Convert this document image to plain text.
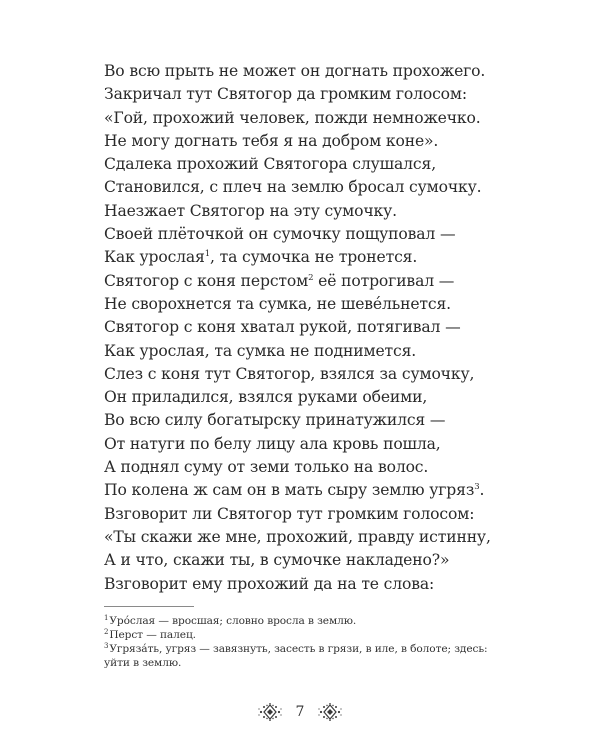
Во всю прыть не может он догнать прохожего.
Закричал тут Святогор да громким голосом:
«Гой, прохожий человек, пожди немножечко.
Не могу догнать тебя я на добром коне».
Сдалека прохожий Святогора слушался,
Становился, с плеч на землю бросал сумочку.
Наезжает Святогор на эту сумочку.
Своей плёточкой он сумочку пощуповал —
Как урослая$^1$, та сумочка не тронется.
Святогор с коня перстом$^2$ её потрогивал —
Не сворохнется та сумка, не шевéльнется.
Святогор с коня хватал рукой, потягивал —
Как урослая, та сумка не поднимется.
Слез с коня тут Святогор, взялся за сумочку,
Он приладился, взялся руками обеими,
Во всю силу богатырску принатужился —
От натуги по белу лицу ала кровь пошла,
А поднял суму от земи только на волос.
По колена ж сам он в мать сыру землю угряз$^3$.
Взговорит ли Святогор тут громким голосом:
«Ты скажи же мне, прохожий, правду истинну,
А и что, скажи ты, в сумочке накладено?»
Взговорит ему прохожий да на те слова:
$^1$Урóслая — вросшая; словно вросла в землю.
$^2$Перст — палец.
$^3$Угрязáть, угряз — завязнуть, засесть в грязи, в иле, в болоте; здесь:
уйти в землю.
7
